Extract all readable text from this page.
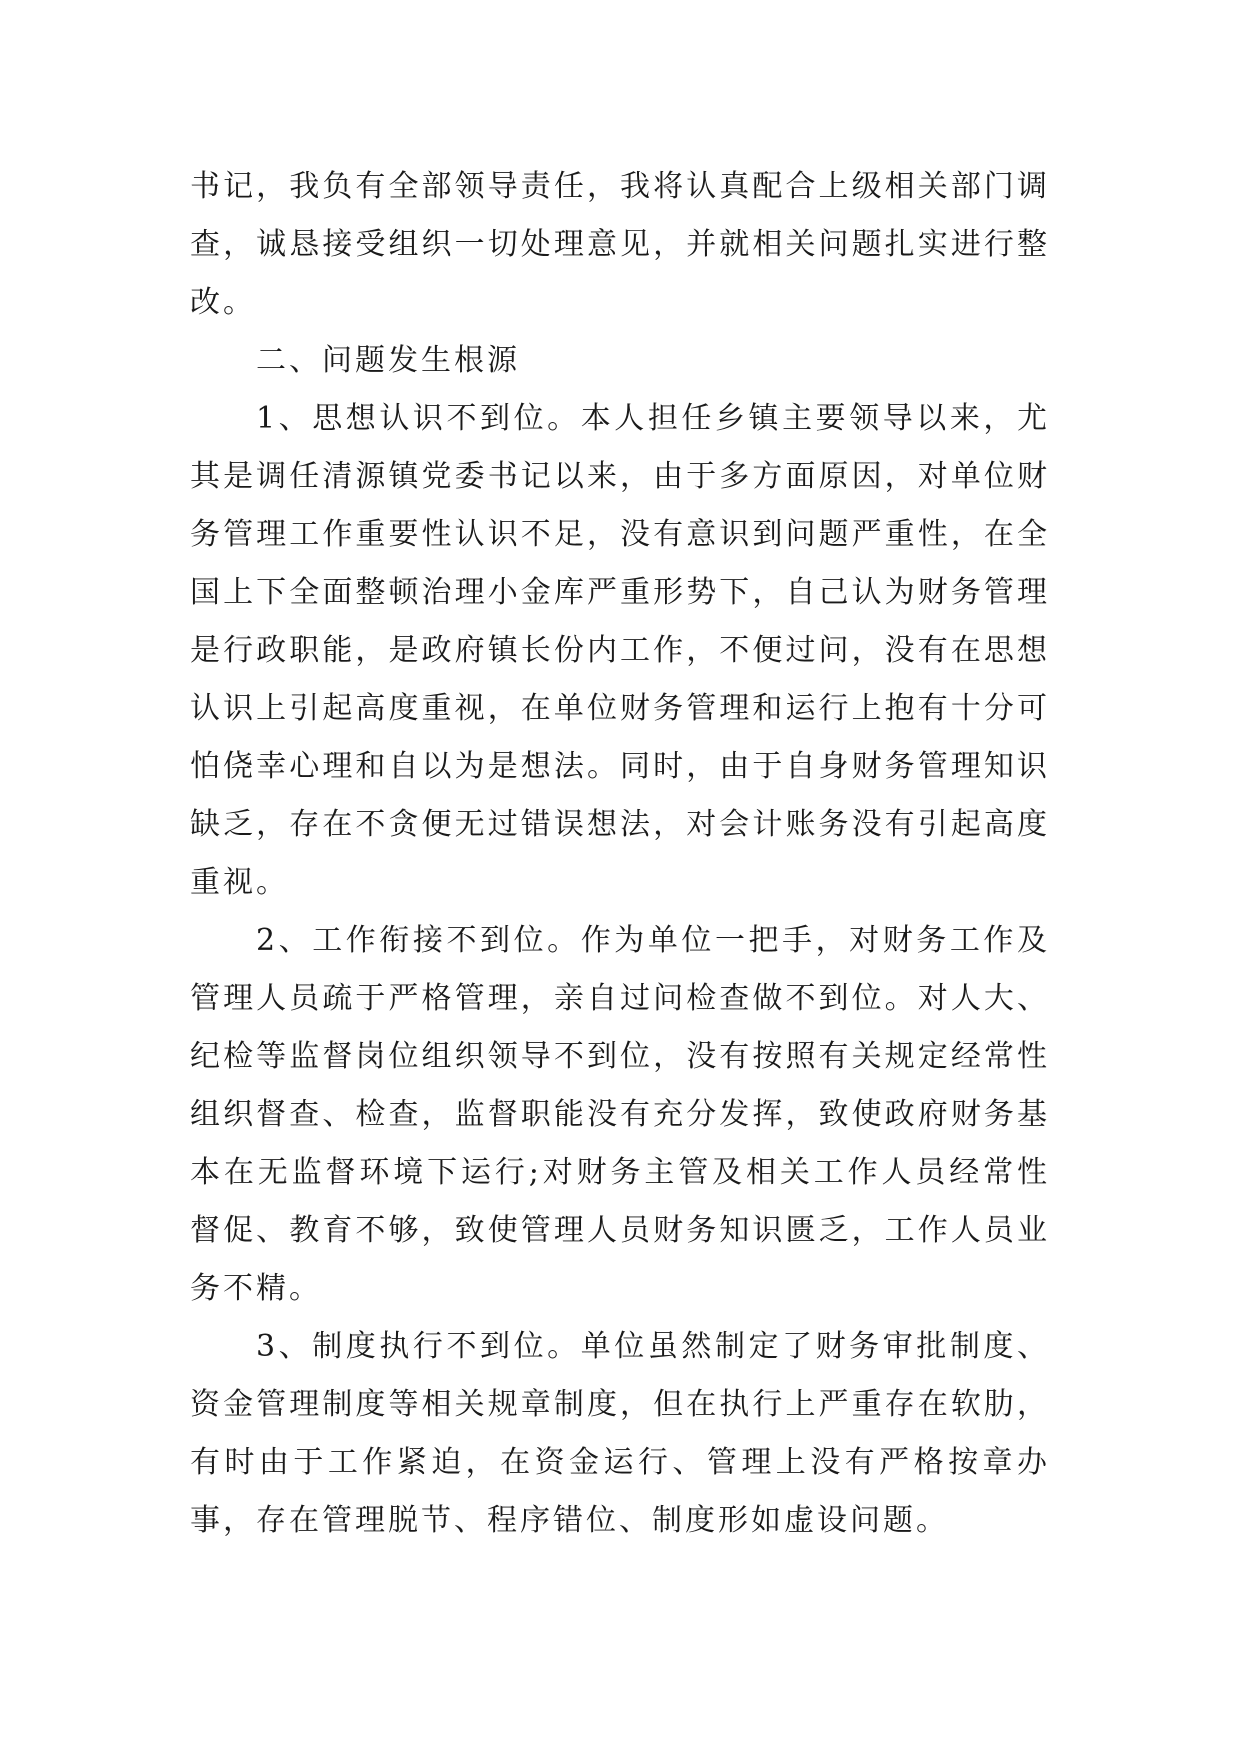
书记，我负有全部领导责任，我将认真配合上级相关部门调查，诚恳接受组织一切处理意见，并就相关问题扎实进行整改。

二、问题发生根源

1、思想认识不到位。本人担任乡镇主要领导以来，尤其是调任清源镇党委书记以来，由于多方面原因，对单位财务管理工作重要性认识不足，没有意识到问题严重性，在全国上下全面整顿治理小金库严重形势下，自己认为财务管理是行政职能，是政府镇长份内工作，不便过问，没有在思想认识上引起高度重视，在单位财务管理和运行上抱有十分可怕侥幸心理和自以为是想法。同时，由于自身财务管理知识缺乏，存在不贪便无过错误想法，对会计账务没有引起高度重视。

2、工作衔接不到位。作为单位一把手，对财务工作及管理人员疏于严格管理，亲自过问检查做不到位。对人大、纪检等监督岗位组织领导不到位，没有按照有关规定经常性组织督查、检查，监督职能没有充分发挥，致使政府财务基本在无监督环境下运行;对财务主管及相关工作人员经常性督促、教育不够，致使管理人员财务知识匮乏，工作人员业务不精。

3、制度执行不到位。单位虽然制定了财务审批制度、资金管理制度等相关规章制度，但在执行上严重存在软肋，有时由于工作紧迫，在资金运行、管理上没有严格按章办事，存在管理脱节、程序错位、制度形如虚设问题。
